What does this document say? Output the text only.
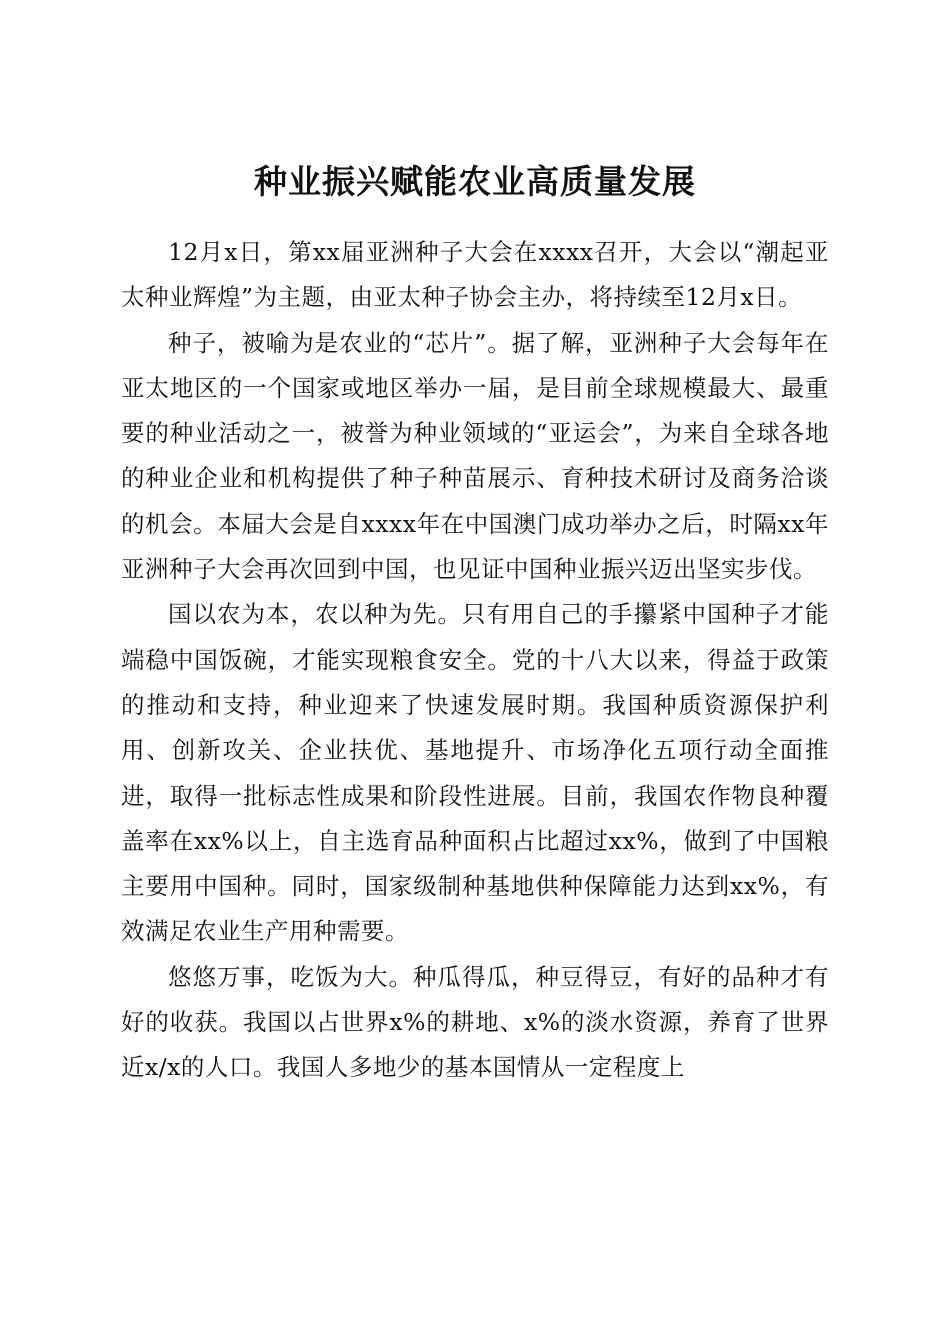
种业振兴赋能农业高质量发展

12月x日，第xx届亚洲种子大会在xxxx召开，大会以“潮起亚太种业辉煌”为主题，由亚太种子协会主办，将持续至12月x日。

种子，被喻为是农业的“芯片”。据了解，亚洲种子大会每年在亚太地区的一个国家或地区举办一届，是目前全球规模最大、最重要的种业活动之一，被誉为种业领域的“亚运会”，为来自全球各地的种业企业和机构提供了种子种苗展示、育种技术研讨及商务洽谈的机会。本届大会是自xxxx年在中国澳门成功举办之后，时隔xx年亚洲种子大会再次回到中国，也见证中国种业振兴迈出坚实步伐。

国以农为本，农以种为先。只有用自己的手攥紧中国种子才能端稳中国饭碗，才能实现粮食安全。党的十八大以来，得益于政策的推动和支持，种业迎来了快速发展时期。我国种质资源保护利用、创新攻关、企业扶优、基地提升、市场净化五项行动全面推进，取得一批标志性成果和阶段性进展。目前，我国农作物良种覆盖率在xx%以上，自主选育品种面积占比超过xx%，做到了中国粮主要用中国种。同时，国家级制种基地供种保障能力达到xx%，有效满足农业生产用种需要。

悠悠万事，吃饭为大。种瓜得瓜，种豆得豆，有好的品种才有好的收获。我国以占世界x%的耕地、x%的淡水资源，养育了世界近x/x的人口。我国人多地少的基本国情从一定程度上
